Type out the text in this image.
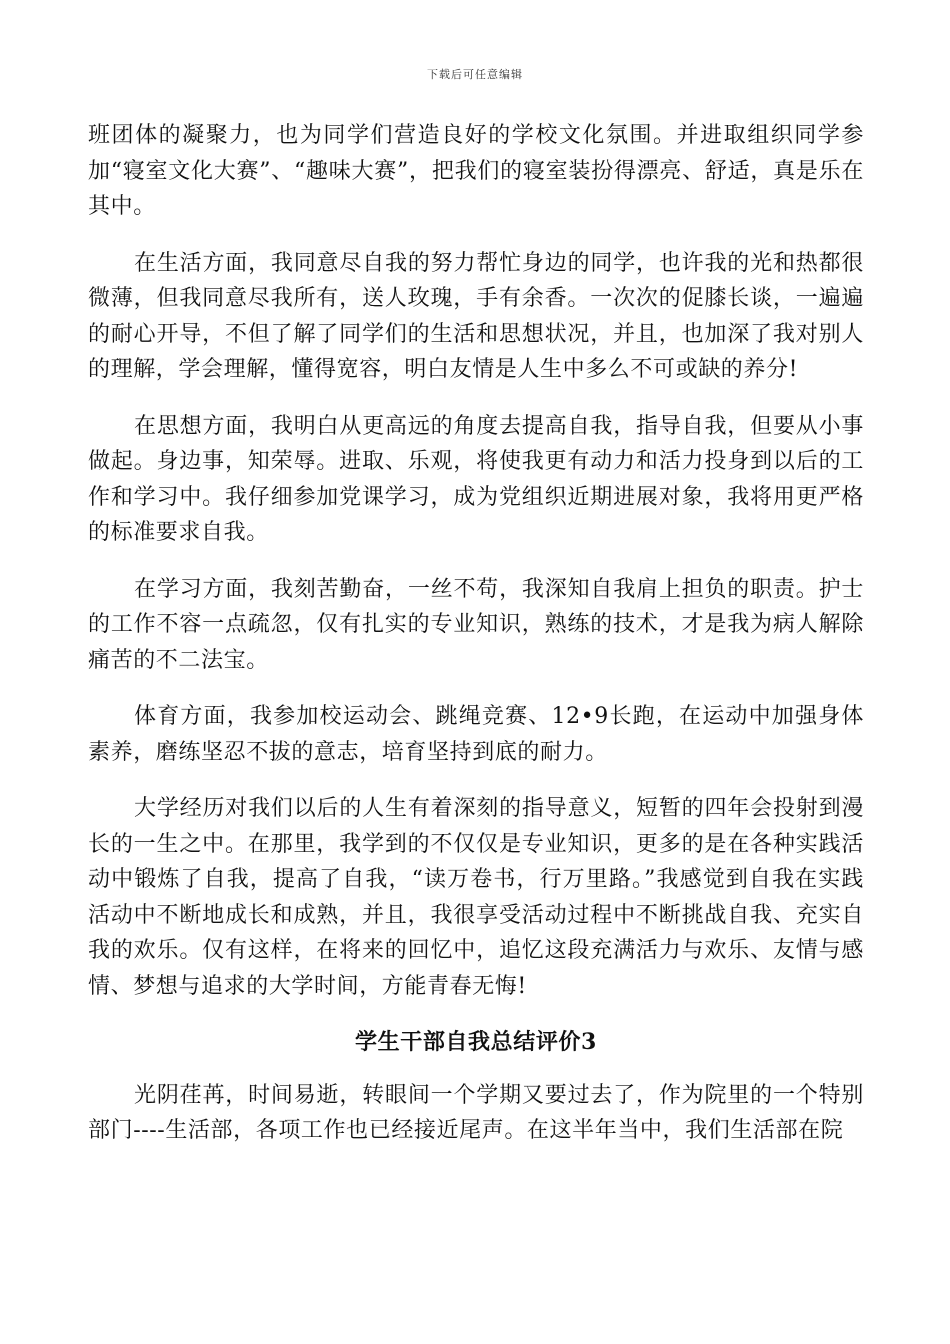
下载后可任意编辑

班团体的凝聚力，也为同学们营造良好的学校文化氛围。并进取组织同学参加“寝室文化大赛”、“趣味大赛”，把我们的寝室装扮得漂亮、舒适，真是乐在其中。

在生活方面，我同意尽自我的努力帮忙身边的同学，也许我的光和热都很微薄，但我同意尽我所有，送人玫瑰，手有余香。一次次的促膝长谈，一遍遍的耐心开导，不但了解了同学们的生活和思想状况，并且，也加深了我对别人的理解，学会理解，懂得宽容，明白友情是人生中多么不可或缺的养分!

在思想方面，我明白从更高远的角度去提高自我，指导自我，但要从小事做起。身边事，知荣辱。进取、乐观，将使我更有动力和活力投身到以后的工作和学习中。我仔细参加党课学习，成为党组织近期进展对象，我将用更严格的标准要求自我。

在学习方面，我刻苦勤奋，一丝不苟，我深知自我肩上担负的职责。护士的工作不容一点疏忽，仅有扎实的专业知识，熟练的技术，才是我为病人解除痛苦的不二法宝。

体育方面，我参加校运动会、跳绳竞赛、12•9长跑，在运动中加强身体素养，磨练坚忍不拔的意志，培育坚持到底的耐力。

大学经历对我们以后的人生有着深刻的指导意义，短暂的四年会投射到漫长的一生之中。在那里，我学到的不仅仅是专业知识，更多的是在各种实践活动中锻炼了自我，提高了自我，“读万卷书，行万里路。”我感觉到自我在实践活动中不断地成长和成熟，并且，我很享受活动过程中不断挑战自我、充实自我的欢乐。仅有这样，在将来的回忆中，追忆这段充满活力与欢乐、友情与感情、梦想与追求的大学时间，方能青春无悔!

学生干部自我总结评价3

光阴荏苒，时间易逝，转眼间一个学期又要过去了，作为院里的一个特别部门----生活部，各项工作也已经接近尾声。在这半年当中，我们生活部在院
